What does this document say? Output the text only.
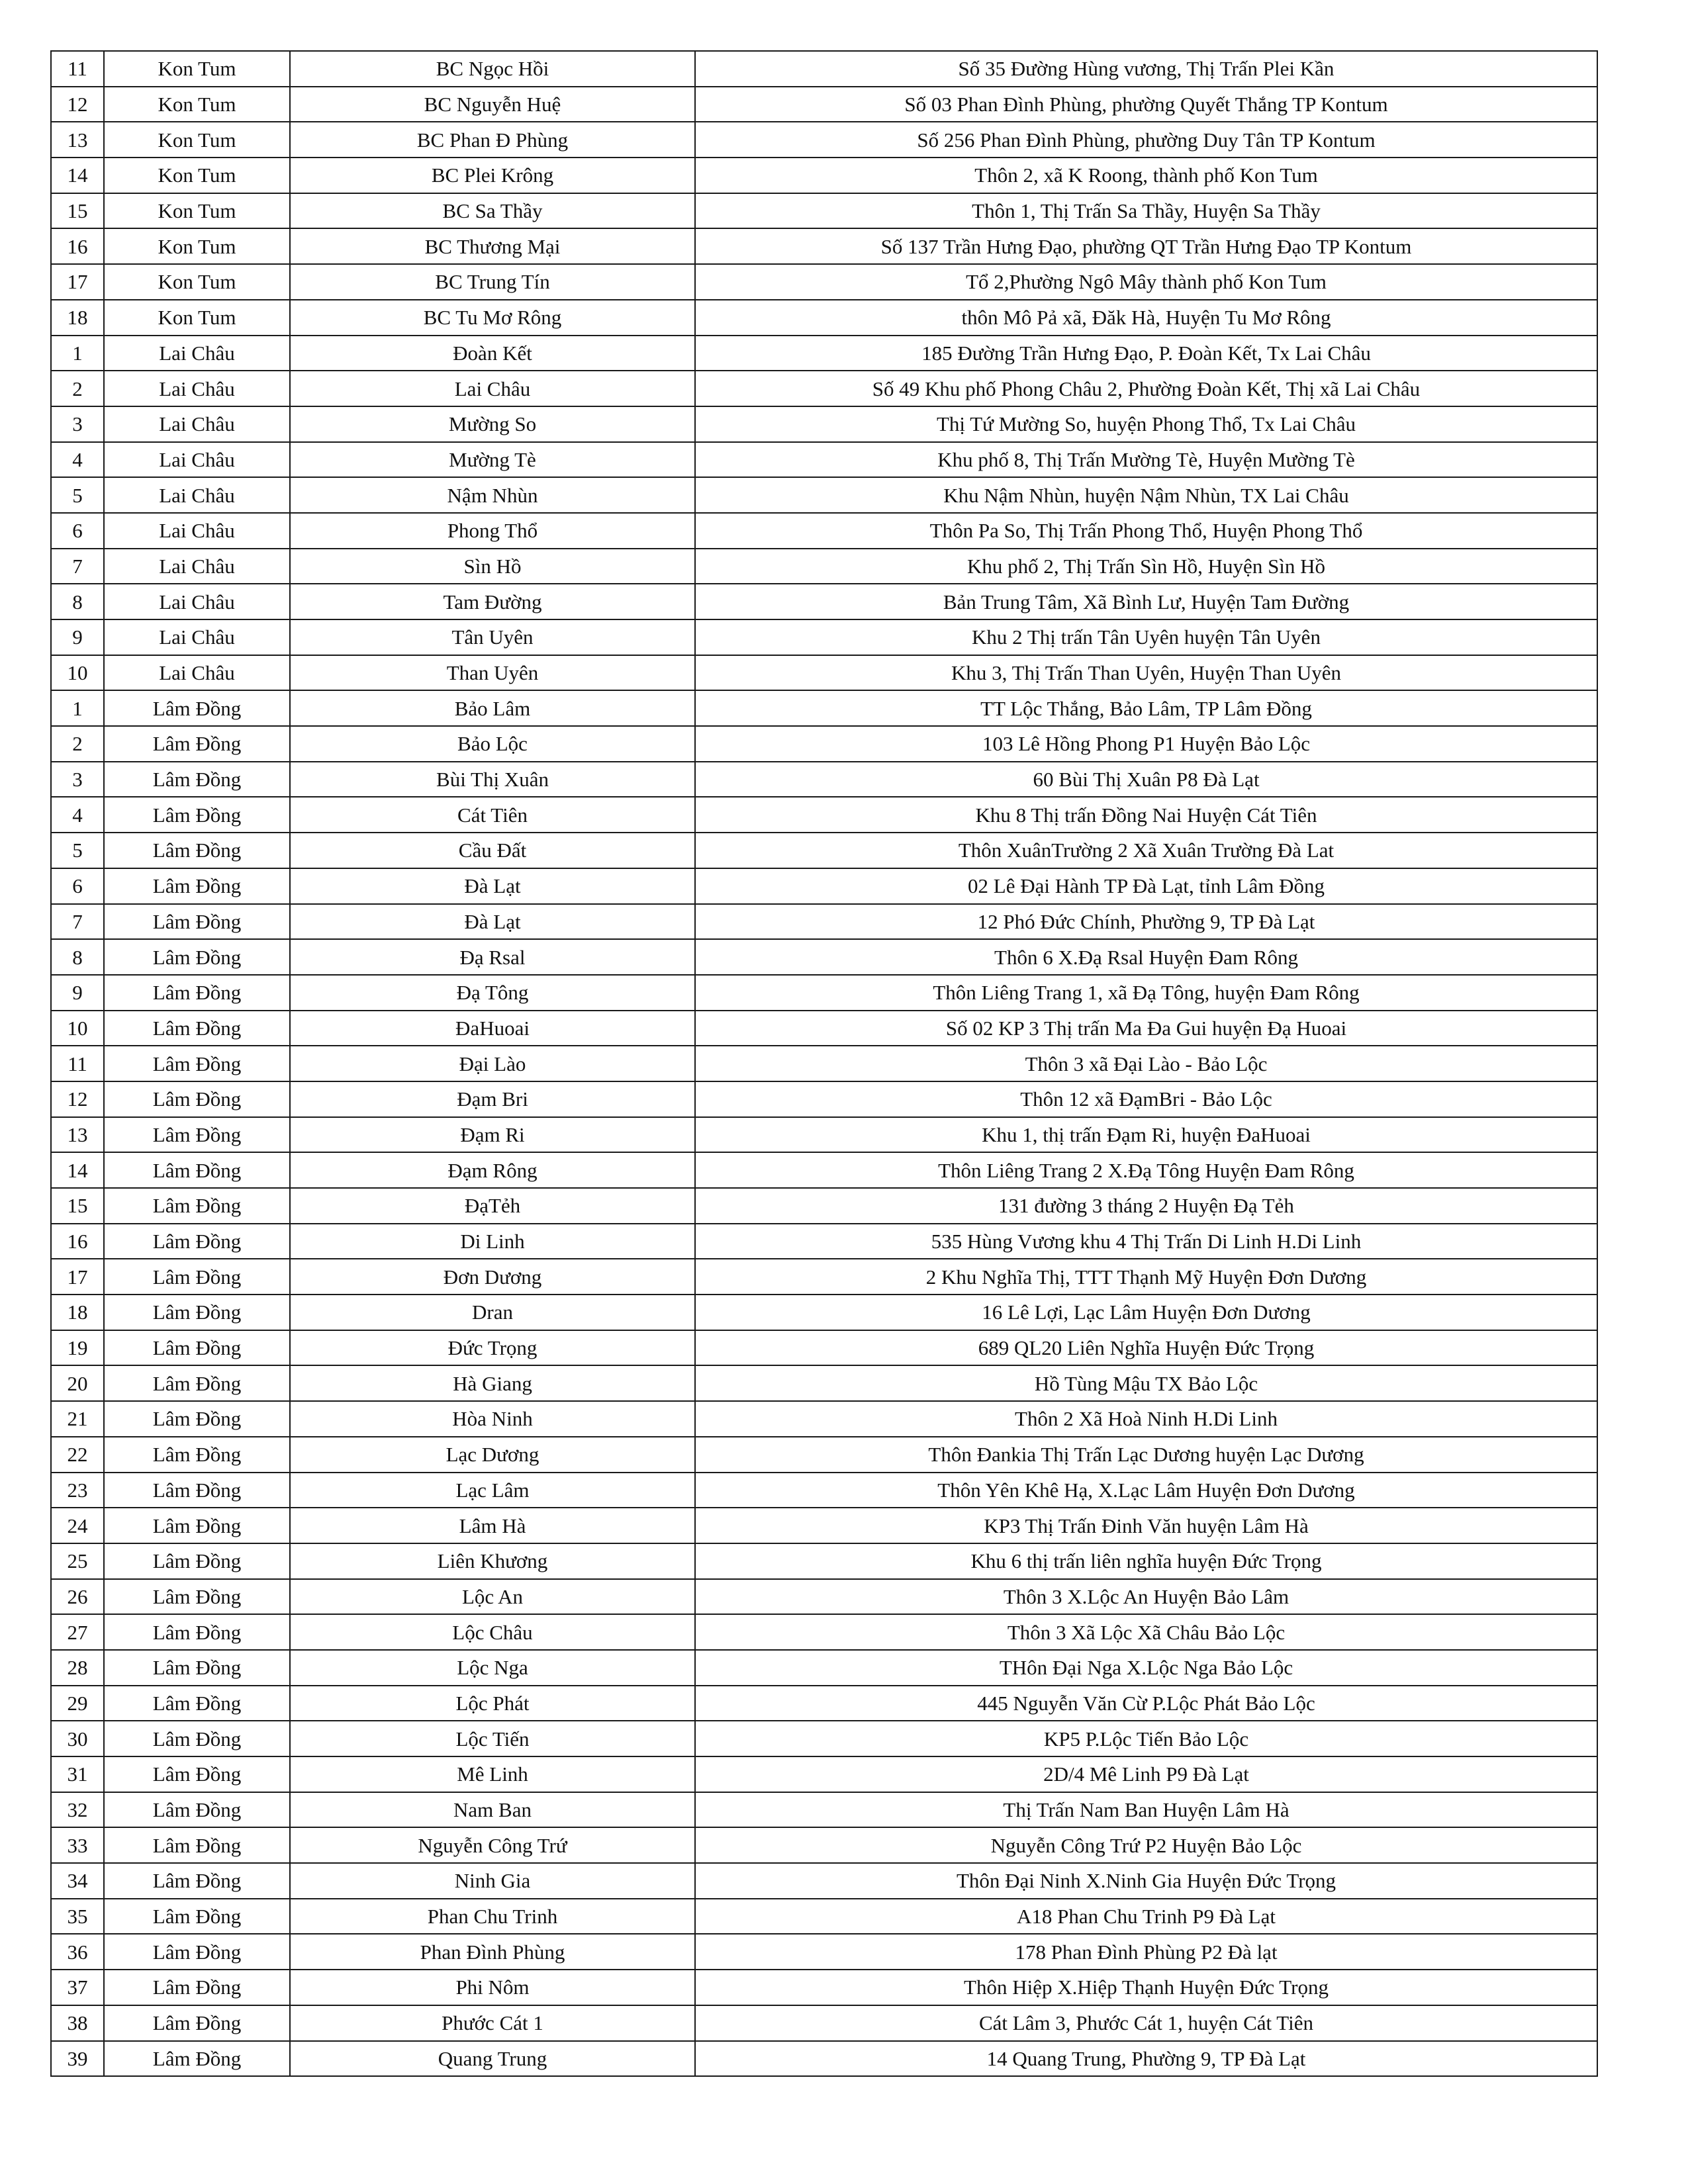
11	Kon Tum	BC Ngọc Hồi	Số 35 Đường Hùng vương, Thị Trấn Plei Kần
12	Kon Tum	BC Nguyễn Huệ	Số 03 Phan Đình Phùng, phường Quyết Thắng TP Kontum
13	Kon Tum	BC Phan Đ Phùng	Số 256 Phan Đình Phùng, phường Duy Tân TP Kontum
14	Kon Tum	BC Plei Krông	Thôn 2, xã K Roong, thành phố Kon Tum
15	Kon Tum	BC Sa Thầy	Thôn 1, Thị Trấn Sa Thầy, Huyện Sa Thầy
16	Kon Tum	BC Thương Mại	Số 137 Trần Hưng Đạo, phường QT Trần Hưng Đạo TP Kontum
17	Kon Tum	BC Trung Tín	Tổ 2,Phường Ngô Mây thành phố Kon Tum
18	Kon Tum	BC Tu Mơ Rông	thôn Mô Pả xã, Đăk Hà, Huyện Tu Mơ Rông
1	Lai Châu	Đoàn Kết	185 Đường Trần Hưng Đạo, P. Đoàn Kết, Tx Lai Châu
2	Lai Châu	Lai Châu	Số 49 Khu phố Phong Châu 2, Phường Đoàn Kết, Thị xã Lai Châu
3	Lai Châu	Mường So	Thị Tứ Mường So, huyện Phong Thổ, Tx Lai Châu
4	Lai Châu	Mường Tè	Khu phố 8, Thị Trấn Mường Tè, Huyện Mường Tè
5	Lai Châu	Nậm Nhùn	Khu Nậm Nhùn, huyện Nậm Nhùn, TX Lai Châu
6	Lai Châu	Phong Thổ	Thôn Pa So, Thị Trấn Phong Thổ, Huyện Phong Thổ
7	Lai Châu	Sìn Hồ	Khu phố 2, Thị Trấn Sìn Hồ, Huyện Sìn Hồ
8	Lai Châu	Tam Đường	Bản Trung Tâm, Xã Bình Lư, Huyện Tam Đường
9	Lai Châu	Tân Uyên	Khu 2 Thị trấn Tân Uyên huyện Tân Uyên
10	Lai Châu	Than Uyên	Khu 3, Thị Trấn Than Uyên, Huyện Than Uyên
1	Lâm Đồng	Bảo Lâm	TT Lộc Thắng, Bảo Lâm, TP Lâm Đồng
2	Lâm Đồng	Bảo Lộc	103 Lê Hồng Phong P1 Huyện Bảo Lộc
3	Lâm Đồng	Bùi Thị Xuân	60 Bùi Thị Xuân P8 Đà Lạt
4	Lâm Đồng	Cát Tiên	Khu 8 Thị trấn Đồng Nai Huyện Cát Tiên
5	Lâm Đồng	Cầu Đất	Thôn XuânTrường 2 Xã Xuân Trường Đà Lat
6	Lâm Đồng	Đà Lạt	02 Lê Đại Hành TP Đà Lạt, tỉnh Lâm Đồng
7	Lâm Đồng	Đà Lạt	12 Phó Đức Chính, Phường 9, TP Đà Lạt
8	Lâm Đồng	Đạ Rsal	Thôn 6 X.Đạ Rsal Huyện Đam Rông
9	Lâm Đồng	Đạ Tông	Thôn Liêng Trang 1, xã Đạ Tông, huyện Đam Rông
10	Lâm Đồng	ĐaHuoai	Số 02 KP 3 Thị trấn Ma Đa Gui huyện Đạ Huoai
11	Lâm Đồng	Đại Lào	Thôn 3 xã Đại Lào - Bảo Lộc
12	Lâm Đồng	Đạm Bri	Thôn 12 xã ĐạmBri - Bảo Lộc
13	Lâm Đồng	Đạm Ri	Khu 1, thị trấn Đạm Ri, huyện ĐaHuoai
14	Lâm Đồng	Đạm Rông	Thôn Liêng Trang 2 X.Đạ Tông Huyện Đam Rông
15	Lâm Đồng	ĐạTẻh	131 đường 3 tháng 2 Huyện Đạ Tẻh
16	Lâm Đồng	Di Linh	535 Hùng Vương khu 4 Thị Trấn Di Linh H.Di Linh
17	Lâm Đồng	Đơn Dương	2 Khu Nghĩa Thị, TTT Thạnh Mỹ Huyện Đơn Dương
18	Lâm Đồng	Dran	16 Lê Lợi, Lạc Lâm Huyện Đơn Dương
19	Lâm Đồng	Đức Trọng	689 QL20 Liên Nghĩa Huyện Đức Trọng
20	Lâm Đồng	Hà Giang	Hồ Tùng Mậu TX Bảo Lộc
21	Lâm Đồng	Hòa Ninh	Thôn 2 Xã Hoà Ninh H.Di Linh
22	Lâm Đồng	Lạc Dương	Thôn Đankia Thị Trấn Lạc Dương huyện Lạc Dương
23	Lâm Đồng	Lạc Lâm	Thôn Yên Khê Hạ, X.Lạc Lâm Huyện Đơn Dương
24	Lâm Đồng	Lâm Hà	KP3 Thị Trấn Đinh Văn huyện Lâm Hà
25	Lâm Đồng	Liên Khương	Khu 6 thị trấn liên nghĩa huyện Đức Trọng
26	Lâm Đồng	Lộc An	Thôn 3 X.Lộc An Huyện Bảo Lâm
27	Lâm Đồng	Lộc Châu	Thôn 3 Xã Lộc Xã Châu Bảo Lộc
28	Lâm Đồng	Lộc Nga	THôn Đại Nga X.Lộc Nga Bảo Lộc
29	Lâm Đồng	Lộc Phát	445 Nguyễn Văn Cừ P.Lộc Phát Bảo Lộc
30	Lâm Đồng	Lộc Tiến	KP5 P.Lộc Tiến Bảo Lộc
31	Lâm Đồng	Mê Linh	2D/4 Mê Linh P9 Đà Lạt
32	Lâm Đồng	Nam Ban	Thị Trấn Nam Ban Huyện Lâm Hà
33	Lâm Đồng	Nguyễn Công Trứ	Nguyễn Công Trứ P2 Huyện Bảo Lộc
34	Lâm Đồng	Ninh Gia	Thôn Đại Ninh X.Ninh Gia Huyện Đức Trọng
35	Lâm Đồng	Phan Chu Trinh	A18 Phan Chu Trinh P9 Đà Lạt
36	Lâm Đồng	Phan Đình Phùng	178 Phan Đình Phùng P2 Đà lạt
37	Lâm Đồng	Phi Nôm	Thôn Hiệp X.Hiệp Thạnh Huyện Đức Trọng
38	Lâm Đồng	Phước Cát 1	Cát Lâm 3, Phước Cát 1, huyện Cát Tiên
39	Lâm Đồng	Quang Trung	14 Quang Trung, Phường 9, TP Đà Lạt
